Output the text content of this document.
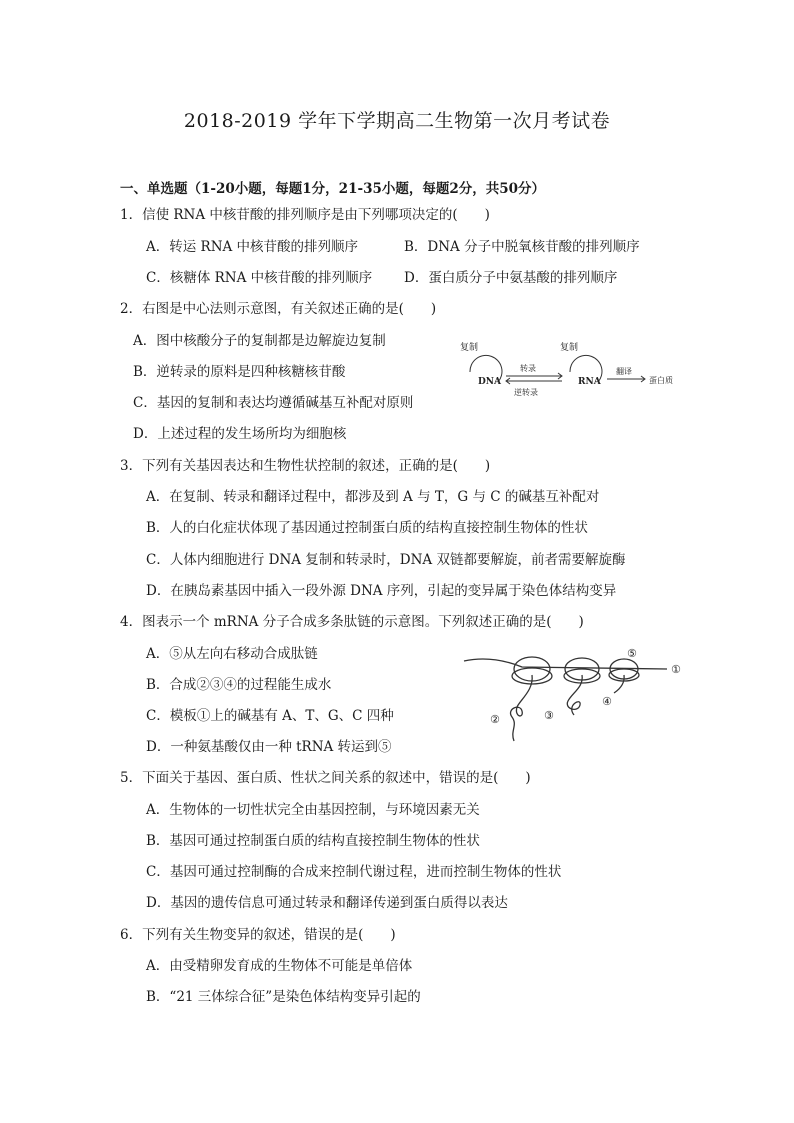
2018-2019 学年下学期高二生物第一次月考试卷
一、单选题（1-20小题，每题1分，21-35小题，每题2分，共50分）
1．信使 RNA 中核苷酸的排列顺序是由下列哪项决定的(　　)
A．转运 RNA 中核苷酸的排列顺序	B．DNA 分子中脱氧核苷酸的排列顺序
C．核糖体 RNA 中核苷酸的排列顺序 D．蛋白质分子中氨基酸的排列顺序
2．右图是中心法则示意图，有关叙述正确的是(　　)
A．图中核酸分子的复制都是边解旋边复制
B．逆转录的原料是四种核糖核苷酸
C．基因的复制和表达均遵循碱基互补配对原则
D．上述过程的发生场所均为细胞核
复制	复制
DNA	RNA
转录
逆转录
翻译
蛋白质
3．下列有关基因表达和生物性状控制的叙述，正确的是(　　)
A．在复制、转录和翻译过程中，都涉及到 A 与 T，G 与 C 的碱基互补配对
B．人的白化症状体现了基因通过控制蛋白质的结构直接控制生物体的性状
C．人体内细胞进行 DNA 复制和转录时，DNA 双链都要解旋，前者需要解旋酶
D．在胰岛素基因中插入一段外源 DNA 序列，引起的变异属于染色体结构变异
4．图表示一个 mRNA 分子合成多条肽链的示意图。下列叙述正确的是(　　)
A．⑤从左向右移动合成肽链
B．合成②③④的过程能生成水
C．模板①上的碱基有 A、T、G、C 四种
D．一种氨基酸仅由一种 tRNA 转运到⑤
①
②	③
④
⑤
5．下面关于基因、蛋白质、性状之间关系的叙述中，错误的是(　　)
A．生物体的一切性状完全由基因控制，与环境因素无关
B．基因可通过控制蛋白质的结构直接控制生物体的性状
C．基因可通过控制酶的合成来控制代谢过程，进而控制生物体的性状
D．基因的遗传信息可通过转录和翻译传递到蛋白质得以表达
6．下列有关生物变异的叙述，错误的是(　　)
A．由受精卵发育成的生物体不可能是单倍体
B．“21 三体综合征”是染色体结构变异引起的
